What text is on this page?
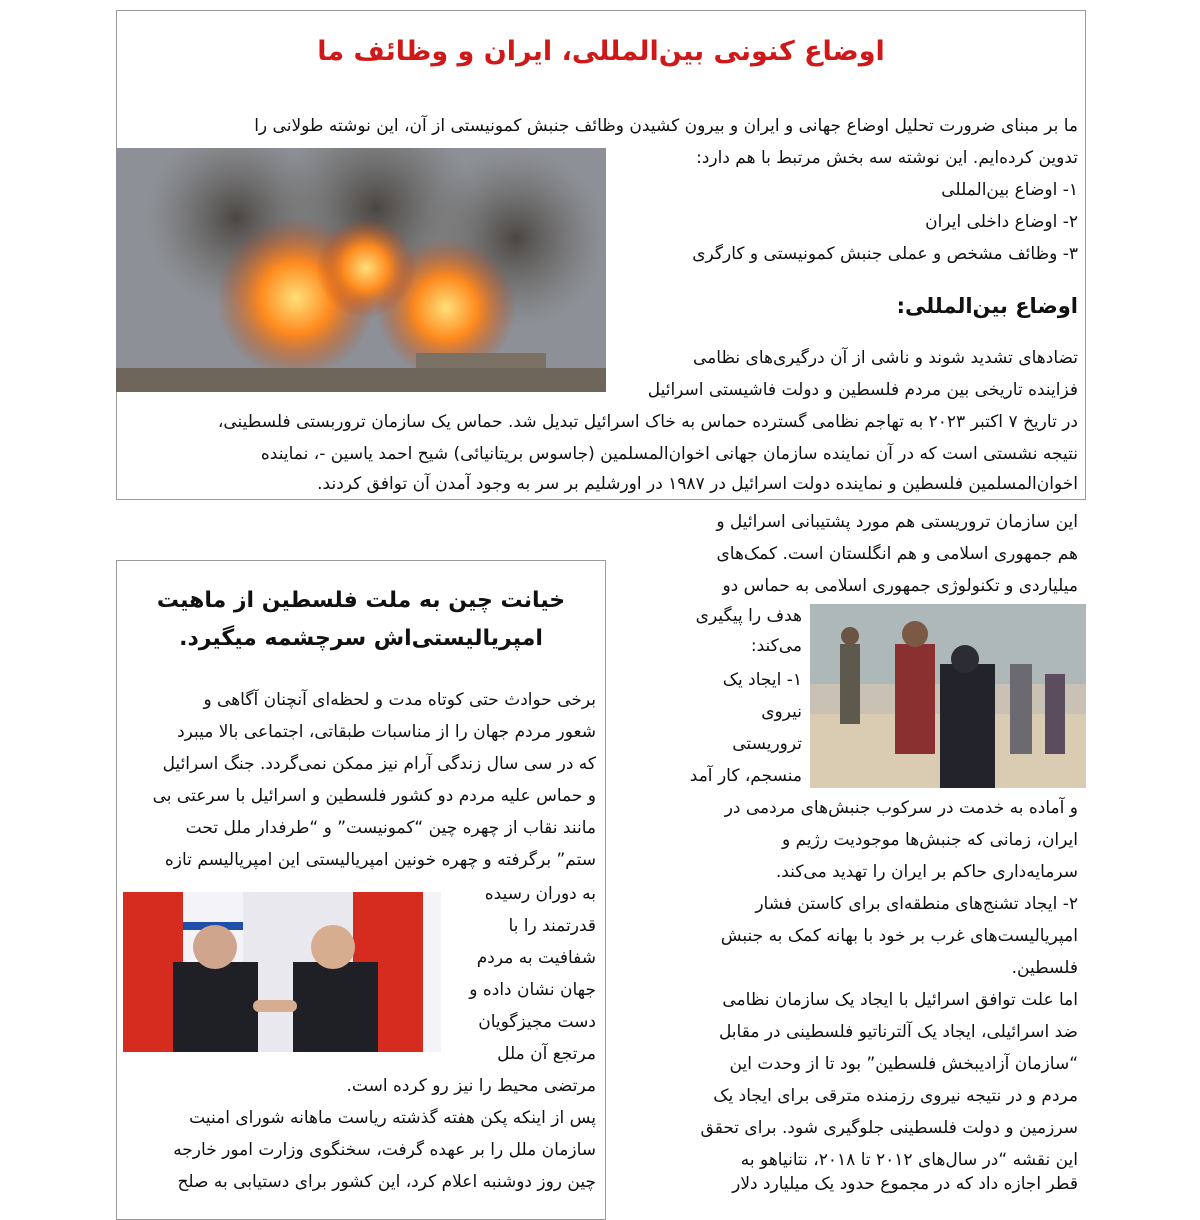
اوضاع کنونی بین‌المللی، ایران و وظائف ما
ما بر مبنای ضرورت تحلیل اوضاع جهانی و ایران و بیرون کشیدن وظائف جنبش کمونیستی از آن، این نوشته طولانی را
تدوین کرده‌ایم. این نوشته سه بخش مرتبط با هم دارد:
۱- اوضاع بین‌المللی
۲- اوضاع داخلی ایران
۳- وظائف مشخص و عملی جنبش کمونیستی و کارگری
اوضاع بین‌المللی:
تضادهای تشدید شوند و ناشی از آن درگیری‌های نظامی
فزاینده تاریخی بین مردم فلسطین و دولت فاشیستی اسرائیل
در تاریخ ۷ اکتبر ۲۰۲۳ به تهاجم نظامی گسترده حماس به خاک اسرائیل تبدیل شد. حماس یک سازمان تروربستی فلسطینی،
نتیجه نشستی است که در آن نماینده سازمان جهانی اخوان‌المسلمین (جاسوس بریتانیائی) شیح احمد یاسین -، نماینده
اخوان‌المسلمین فلسطین و نماینده دولت اسرائیل در ۱۹۸۷ در اورشلیم بر سر به وجود آمدن آن توافق کردند.
این سازمان تروریستی هم مورد پشتیبانی اسرائیل و
هم جمهوری اسلامی و هم انگلستان است. کمک‌های
میلیاردی و تکنولوژی جمهوری اسلامی به حماس دو
هدف را پیگیری
می‌کند:
۱- ایجاد یک
نیروی
تروریستی
منسجم، کار آمد
و آماده به خدمت در سرکوب جنبش‌های مردمی در
ایران، زمانی که جنبش‌ها موجودیت رژیم و
سرمایه‌داری حاکم بر ایران را تهدید می‌کند.
۲- ایجاد تشنج‌های منطقه‌ای برای کاستن فشار
امپریالیست‌های غرب بر خود با بهانه کمک به جنبش
فلسطین.
اما علت توافق اسرائیل با ایجاد یک سازمان نظامی
ضد اسرائیلی، ایجاد یک آلترناتیو فلسطینی در مقابل
“سازمان آزادیبخش فلسطین” بود تا از وحدت این
مردم و در نتیجه نیروی رزمنده مترقی برای ایجاد یک
سرزمین و دولت فلسطینی جلوگیری شود. برای تحقق
این نقشه “در سال‌های ۲۰۱۲ تا ۲۰۱۸، نتانیاهو به
قطر اجازه داد که در مجموع حدود یک میلیارد دلار
خیانت چین به ملت فلسطین از ماهیت
امپریالیستی‌اش سرچشمه میگیرد.
برخی حوادث حتی کوتاه مدت و لحظه‌ای آنچنان آگاهی و
شعور مردم جهان را از مناسبات طبقاتی، اجتماعی بالا میبرد
که در سی سال زندگی آرام نیز ممکن نمی‌گردد. جنگ اسرائیل
و حماس علیه مردم دو کشور فلسطین و اسرائیل با سرعتی بی
مانند نقاب از چهره چین “کمونیست” و “طرفدار ملل تحت
ستم” برگرفته و چهره خونین امپریالیستی این امپریالیسم تازه
به دوران رسیده
قدرتمند را با
شفافیت به مردم
جهان نشان داده و
دست مجیزگویان
مرتجع آن ملل
مرتضی محیط را نیز رو کرده است.
پس از اینکه پکن هفته گذشته ریاست ماهانه شورای امنیت
سازمان ملل را بر عهده گرفت، سخنگوی وزارت امور خارجه
چین روز دوشنبه اعلام کرد، این کشور برای دستیابی به صلح
